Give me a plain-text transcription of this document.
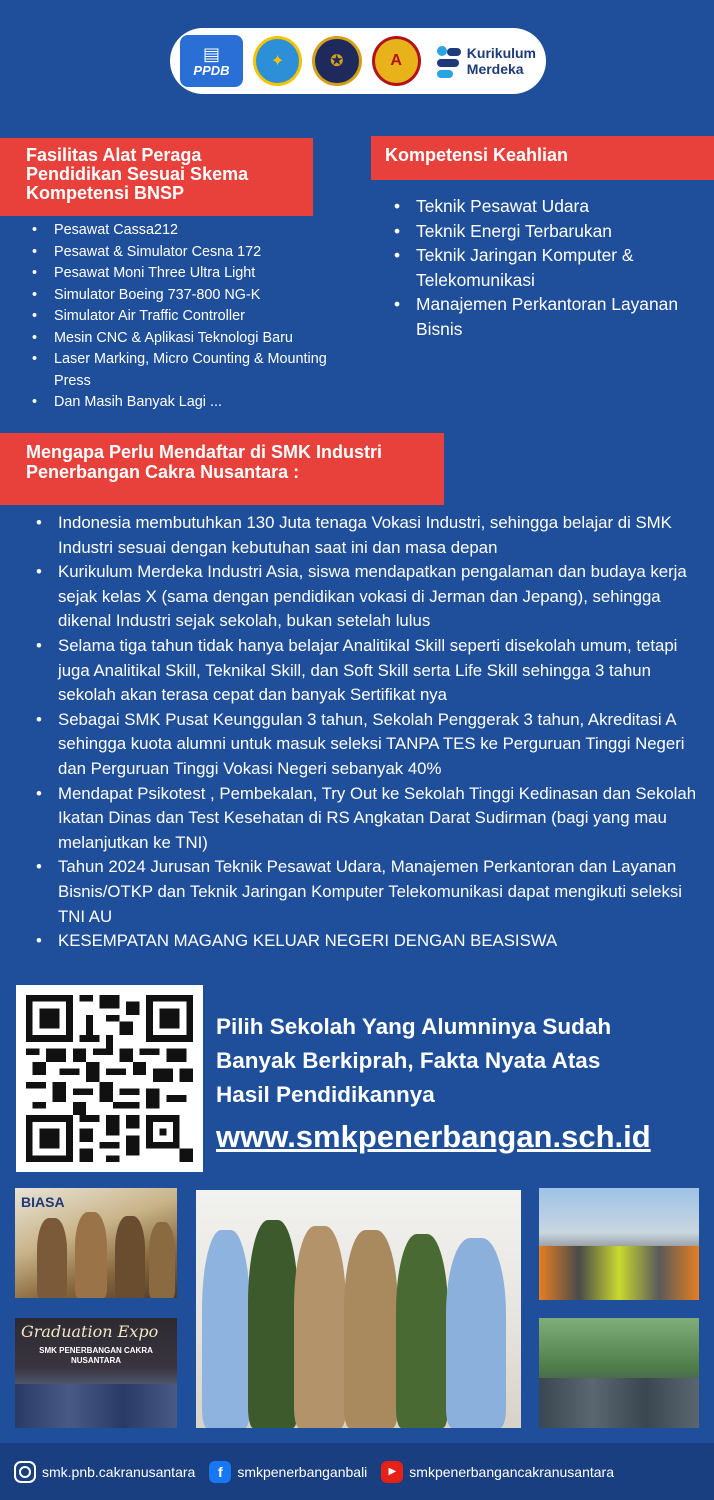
▤
PPDB	✦	✪	A	Kurikulum
Merdeka
Fasilitas Alat Peraga Pendidikan Sesuai Skema Kompetensi BNSP
• Pesawat Cassa212
• Pesawat & Simulator Cesna 172
• Pesawat Moni Three Ultra Light
• Simulator Boeing 737-800 NG-K
• Simulator Air Traffic Controller
• Mesin CNC & Aplikasi Teknologi Baru
• Laser Marking, Micro Counting & Mounting Press
• Dan Masih Banyak Lagi ...
Kompetensi Keahlian
• Teknik Pesawat Udara
• Teknik Energi Terbarukan
• Teknik Jaringan Komputer & Telekomunikasi
• Manajemen Perkantoran Layanan Bisnis
Mengapa Perlu Mendaftar di SMK Industri Penerbangan Cakra Nusantara :
• Indonesia membutuhkan 130 Juta tenaga Vokasi Industri, sehingga belajar di SMK Industri sesuai dengan kebutuhan saat ini dan masa depan
• Kurikulum Merdeka Industri Asia, siswa mendapatkan pengalaman dan budaya kerja sejak kelas X (sama dengan pendidikan vokasi di Jerman dan Jepang), sehingga dikenal Industri sejak sekolah, bukan setelah lulus
• Selama tiga tahun tidak hanya belajar Analitikal Skill seperti disekolah umum, tetapi juga Analitikal Skill, Teknikal Skill, dan Soft Skill serta Life Skill sehingga 3 tahun sekolah akan terasa cepat dan banyak Sertifikat nya
• Sebagai SMK Pusat Keunggulan 3 tahun, Sekolah Penggerak 3 tahun, Akreditasi A sehingga kuota alumni untuk masuk seleksi TANPA TES ke Perguruan Tinggi Negeri dan Perguruan Tinggi Vokasi Negeri sebanyak 40%
• Mendapat Psikotest , Pembekalan, Try Out ke Sekolah Tinggi Kedinasan dan Sekolah Ikatan Dinas dan Test Kesehatan di RS Angkatan Darat Sudirman (bagi yang mau melanjutkan ke TNI)
• Tahun 2024 Jurusan Teknik Pesawat Udara, Manajemen Perkantoran dan Layanan Bisnis/OTKP dan Teknik Jaringan Komputer Telekomunikasi dapat mengikuti seleksi TNI AU
• KESEMPATAN MAGANG KELUAR NEGERI DENGAN BEASISWA
Pilih Sekolah Yang Alumninya Sudah Banyak Berkiprah, Fakta Nyata Atas Hasil Pendidikannya
www.smkpenerbangan.sch.id
BIASA
Graduation Expo
SMK PENERBANGAN CAKRA NUSANTARA
smk.pnb.cakranusantara	f	smkpenerbanganbali	▶ smkpenerbangancakranusantara
